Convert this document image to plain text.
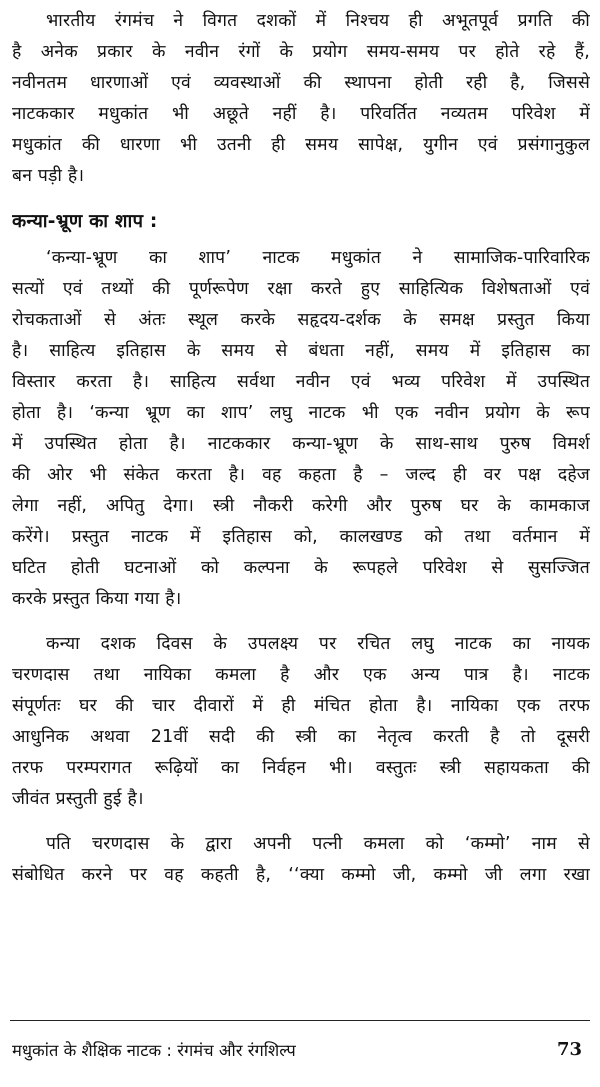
भारतीय रंगमंच ने विगत दशकों में निश्चय ही अभूतपूर्व प्रगति की
है अनेक प्रकार के नवीन रंगों के प्रयोग समय-समय पर होते रहे हैं,
नवीनतम धारणाओं एवं व्यवस्थाओं की स्थापना होती रही है, जिससे
नाटककार मधुकांत भी अछूते नहीं है। परिवर्तित नव्यतम परिवेश में
मधुकांत की धारणा भी उतनी ही समय सापेक्ष, युगीन एवं प्रसंगानुकुल
बन पड़ी है।
कन्या-भ्रूण का शाप :
‘कन्या-भ्रूण का शाप’ नाटक मधुकांत ने सामाजिक-पारिवारिक
सत्यों एवं तथ्यों की पूर्णरूपेण रक्षा करते हुए साहित्यिक विशेषताओं एवं
रोचकताओं से अंतः स्थूल करके सहृदय-दर्शक के समक्ष प्रस्तुत किया
है। साहित्य इतिहास के समय से बंधता नहीं, समय में इतिहास का
विस्तार करता है। साहित्य सर्वथा नवीन एवं भव्य परिवेश में उपस्थित
होता है। ‘कन्या भ्रूण का शाप’ लघु नाटक भी एक नवीन प्रयोग के रूप
में उपस्थित होता है। नाटककार कन्या-भ्रूण के साथ-साथ पुरुष विमर्श
की ओर भी संकेत करता है। वह कहता है – जल्द ही वर पक्ष दहेज
लेगा नहीं, अपितु देगा। स्त्री नौकरी करेगी और पुरुष घर के कामकाज
करेंगे। प्रस्तुत नाटक में इतिहास को, कालखण्ड को तथा वर्तमान में
घटित होती घटनाओं को कल्पना के रूपहले परिवेश से सुसज्जित
करके प्रस्तुत किया गया है।
कन्या दशक दिवस के उपलक्ष्य पर रचित लघु नाटक का नायक
चरणदास तथा नायिका कमला है और एक अन्य पात्र है। नाटक
संपूर्णतः घर की चार दीवारों में ही मंचित होता है। नायिका एक तरफ
आधुनिक अथवा 21वीं सदी की स्त्री का नेतृत्व करती है तो दूसरी
तरफ परम्परागत रूढ़ियों का निर्वहन भी। वस्तुतः स्त्री सहायकता की
जीवंत प्रस्तुती हुई है।
पति चरणदास के द्वारा अपनी पत्नी कमला को ‘कम्मो’ नाम से
संबोधित करने पर वह कहती है, ‘‘क्या कम्मो जी, कम्मो जी लगा रखा
मधुकांत के शैक्षिक नाटक : रंगमंच और रंगशिल्प	73
